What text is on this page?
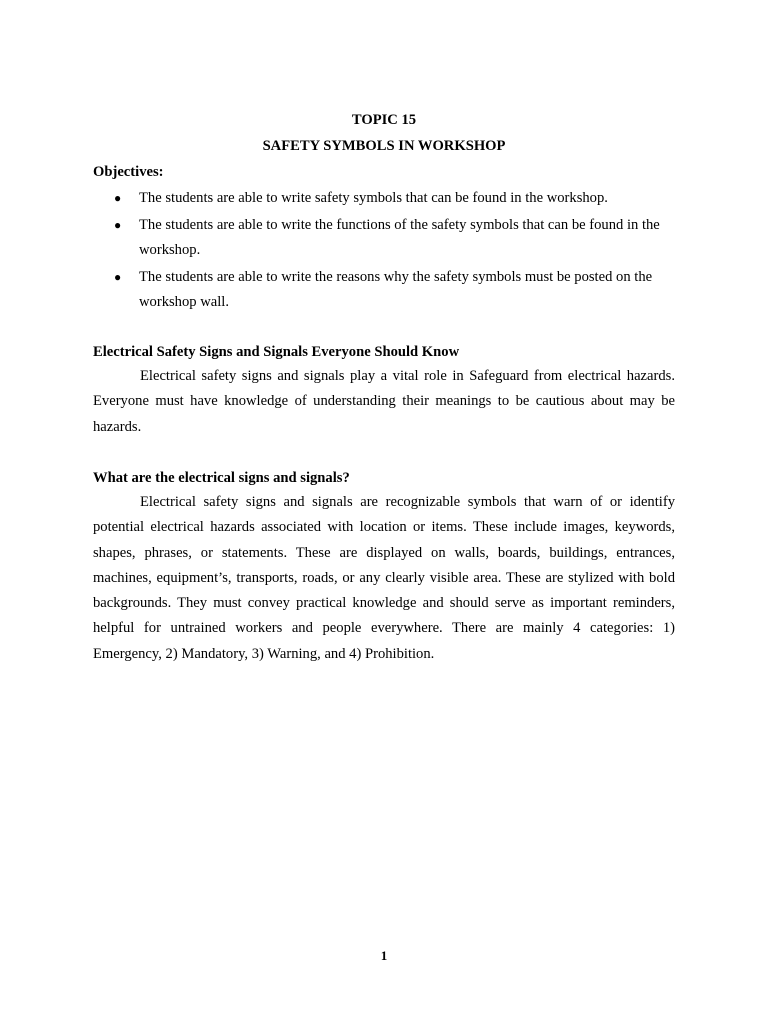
TOPIC 15
SAFETY SYMBOLS IN WORKSHOP
Objectives:
● The students are able to write safety symbols that can be found in the workshop.
● The students are able to write the functions of the safety symbols that can be found in the workshop.
● The students are able to write the reasons why the safety symbols must be posted on the workshop wall.
Electrical Safety Signs and Signals Everyone Should Know

Electrical safety signs and signals play a vital role in Safeguard from electrical hazards. Everyone must have knowledge of understanding their meanings to be cautious about may be hazards.

What are the electrical signs and signals?

Electrical safety signs and signals are recognizable symbols that warn of or identify potential electrical hazards associated with location or items. These include images, keywords, shapes, phrases, or statements. These are displayed on walls, boards, buildings, entrances, machines, equipment’s, transports, roads, or any clearly visible area. These are stylized with bold backgrounds. They must convey practical knowledge and should serve as important reminders, helpful for untrained workers and people everywhere. There are mainly 4 categories: 1) Emergency, 2) Mandatory, 3) Warning, and 4) Prohibition.

1
